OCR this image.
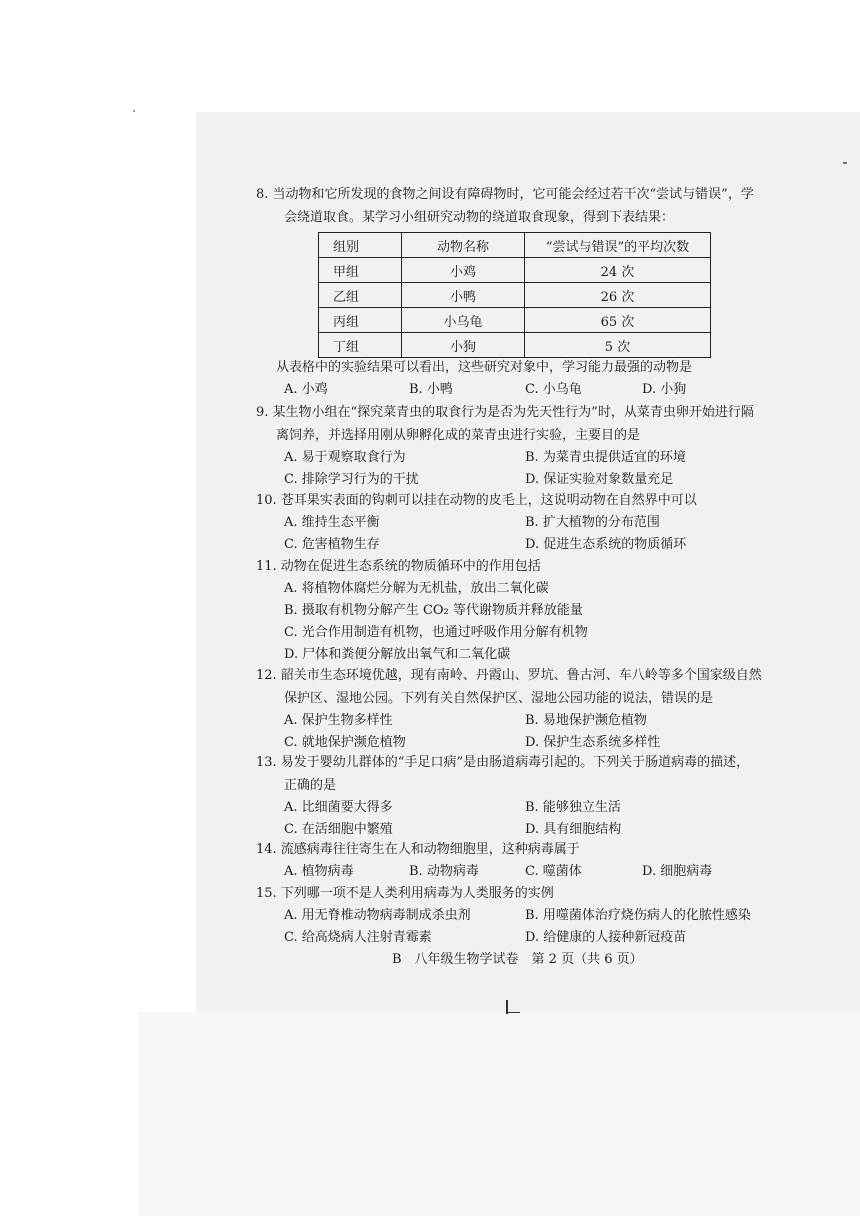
8. 当动物和它所发现的食物之间设有障碍物时，它可能会经过若干次“尝试与错误”，学
会绕道取食。某学习小组研究动物的绕道取食现象，得到下表结果：
组别	动物名称	“尝试与错误”的平均次数
甲组	小鸡	24 次
乙组	小鸭	26 次
丙组	小乌龟	65 次
丁组	小狗	5 次
从表格中的实验结果可以看出，这些研究对象中，学习能力最强的动物是
A. 小鸡	B. 小鸭	C. 小乌龟	D. 小狗
9. 某生物小组在“探究菜青虫的取食行为是否为先天性行为”时，从菜青虫卵开始进行隔
离饲养，并选择用刚从卵孵化成的菜青虫进行实验，主要目的是
A. 易于观察取食行为	B. 为菜青虫提供适宜的环境
C. 排除学习行为的干扰	D. 保证实验对象数量充足
10. 苍耳果实表面的钩刺可以挂在动物的皮毛上，这说明动物在自然界中可以
A. 维持生态平衡	B. 扩大植物的分布范围
C. 危害植物生存	D. 促进生态系统的物质循环
11. 动物在促进生态系统的物质循环中的作用包括
A. 将植物体腐烂分解为无机盐，放出二氧化碳
B. 摄取有机物分解产生 CO₂ 等代谢物质并释放能量
C. 光合作用制造有机物，也通过呼吸作用分解有机物
D. 尸体和粪便分解放出氧气和二氧化碳
12. 韶关市生态环境优越，现有南岭、丹霞山、罗坑、鲁古河、车八岭等多个国家级自然
保护区、湿地公园。下列有关自然保护区、湿地公园功能的说法，错误的是
A. 保护生物多样性	B. 易地保护濒危植物
C. 就地保护濒危植物	D. 保护生态系统多样性
13. 易发于婴幼儿群体的“手足口病”是由肠道病毒引起的。下列关于肠道病毒的描述，
正确的是
A. 比细菌要大得多	B. 能够独立生活
C. 在活细胞中繁殖	D. 具有细胞结构
14. 流感病毒往往寄生在人和动物细胞里，这种病毒属于
A. 植物病毒	B. 动物病毒	C. 噬菌体	D. 细胞病毒
15. 下列哪一项不是人类利用病毒为人类服务的实例
A. 用无脊椎动物病毒制成杀虫剂	B. 用噬菌体治疗烧伤病人的化脓性感染
C. 给高烧病人注射青霉素	D. 给健康的人接种新冠疫苗
B　八年级生物学试卷　第 2 页（共 6 页）
